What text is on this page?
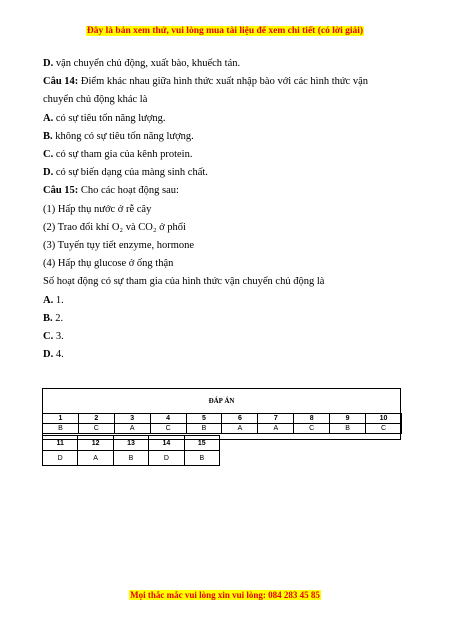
Đây là bản xem thử, vui lòng mua tài liệu để xem chi tiết (có lời giải)
D. vận chuyển chủ động, xuất bào, khuếch tán.
Câu 14: Điểm khác nhau giữa hình thức xuất nhập bào với các hình thức vận
chuyển chủ động khác là
A. có sự tiêu tốn năng lượng.
B. không có sự tiêu tốn năng lượng.
C. có sự tham gia của kênh protein.
D. có sự biến dạng của màng sinh chất.
Câu 15: Cho các hoạt động sau:
(1) Hấp thụ nước ở rễ cây
(2) Trao đổi khí O₂ và CO₂ ở phổi
(3) Tuyến tụy tiết enzyme, hormone
(4) Hấp thụ glucose ở ống thận
Số hoạt động có sự tham gia của hình thức vận chuyển chủ động là
A. 1.
B. 2.
C. 3.
D. 4.
ĐÁP ÁN
1	2	3	4	5	6	7	8	9	10
B	C	A	C	B	A	A	C	B	C
11	12	13	14	15
D	A	B	D	B
Mọi thắc mắc vui lòng xin vui lòng: 084 283 45 85
